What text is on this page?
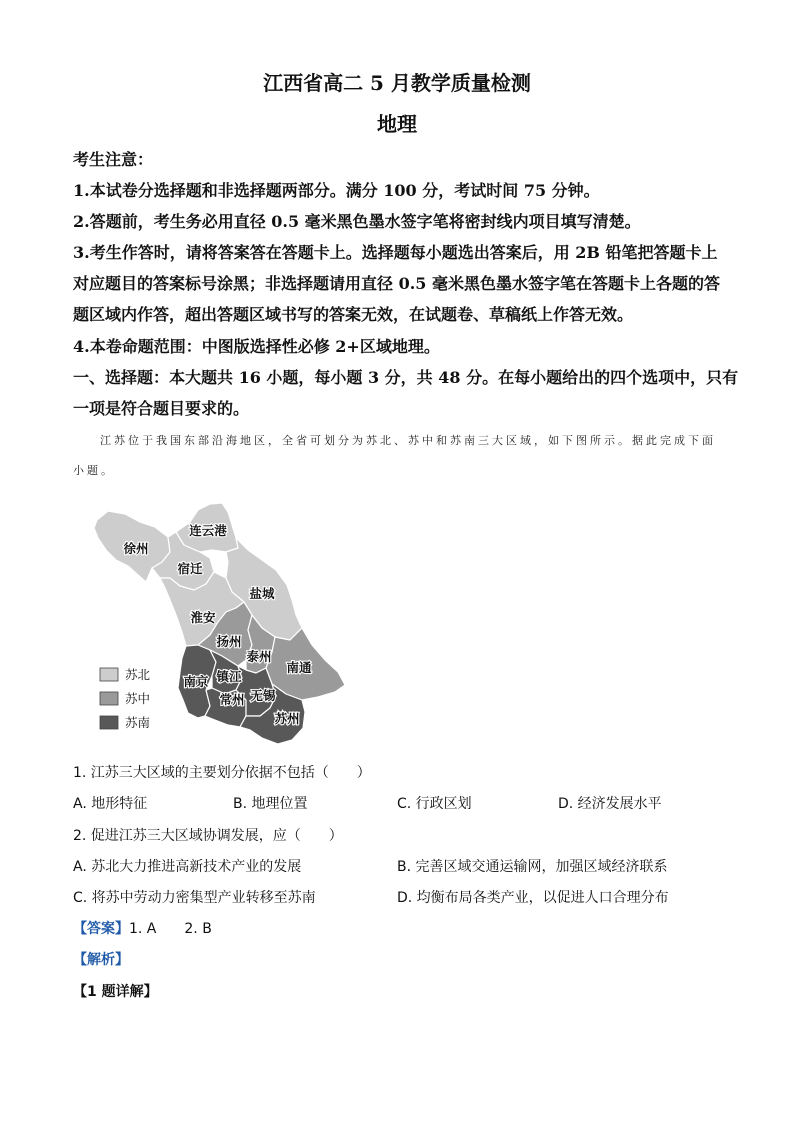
江西省高二 5 月教学质量检测
地理
考生注意：
1.本试卷分选择题和非选择题两部分。满分 100 分，考试时间 75 分钟。
2.答题前，考生务必用直径 0.5 毫米黑色墨水签字笔将密封线内项目填写清楚。
3.考生作答时，请将答案答在答题卡上。选择题每小题选出答案后，用 2B 铅笔把答题卡上
对应题目的答案标号涂黑；非选择题请用直径 0.5 毫米黑色墨水签字笔在答题卡上各题的答
题区域内作答，超出答题区域书写的答案无效，在试题卷、草稿纸上作答无效。
4.本卷命题范围：中图版选择性必修 2+区域地理。
一、选择题：本大题共 16 小题，每小题 3 分，共 48 分。在每小题给出的四个选项中，只有
一项是符合题目要求的。
江苏位于我国东部沿海地区，全省可划分为苏北、苏中和苏南三大区域，如下图所示。据此完成下面
小题。
连云港
徐州
宿迁
盐城
淮安
扬州
泰州
南通
南京 镇江
常州 无锡
苏州
苏北
苏中
苏南
1. 江苏三大区域的主要划分依据不包括（　　）
A. 地形特征	B. 地理位置	C. 行政区划	D. 经济发展水平
2. 促进江苏三大区域协调发展，应（　　）
A. 苏北大力推进高新技术产业的发展	B. 完善区域交通运输网，加强区域经济联系
C. 将苏中劳动力密集型产业转移至苏南	D. 均衡布局各类产业，以促进人口合理分布
【答案】1. A　　2. B
【解析】
【1 题详解】
